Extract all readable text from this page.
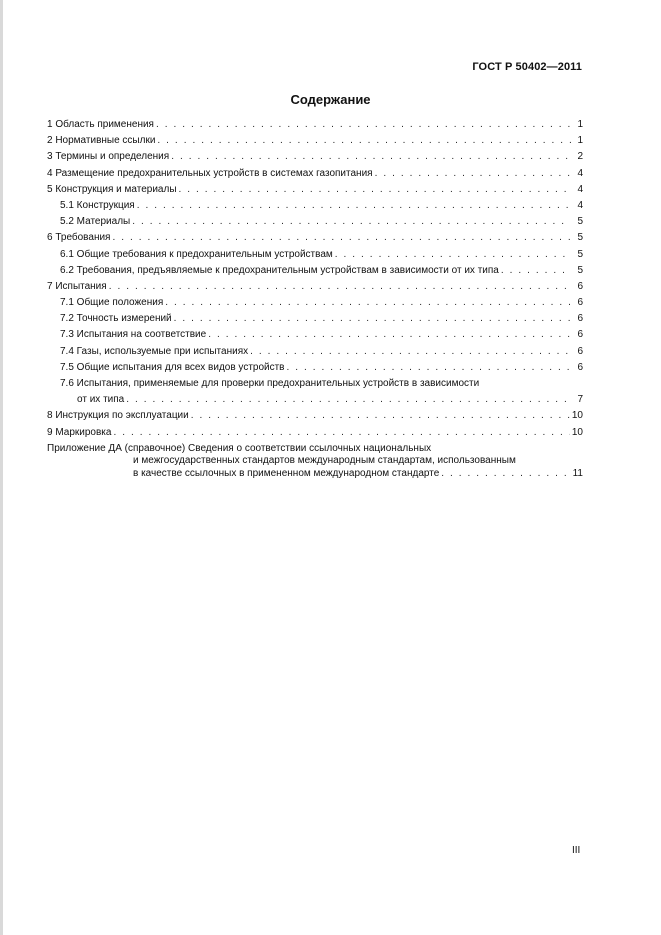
ГОСТ Р 50402—2011
Содержание
1 Область применения . . .	1
2 Нормативные ссылки . . .	1
3 Термины и определения . . .	2
4 Размещение предохранительных устройств в системах газопитания . . .	4
5 Конструкция и материалы . . .	4
5.1 Конструкция . . .	4
5.2 Материалы . . .	5
6 Требования . . .	5
6.1 Общие требования к предохранительным устройствам . . .	5
6.2 Требования, предъявляемые к предохранительным устройствам в зависимости от их типа . . .	5
7 Испытания . . .	6
7.1 Общие положения . . .	6
7.2 Точность измерений . . .	6
7.3 Испытания на соответствие . . .	6
7.4 Газы, используемые при испытаниях . . .	6
7.5 Общие испытания для всех видов устройств . . .	6
7.6 Испытания, применяемые для проверки предохранительных устройств в зависимости
от их типа . . .	7
8 Инструкция по эксплуатации . . .	10
9 Маркировка . . .	10
Приложение ДА (справочное) Сведения о соответствии ссылочных национальных
и межгосударственных стандартов международным стандартам, использованным
в качестве ссылочных в примененном международном стандарте . . .	11
III
